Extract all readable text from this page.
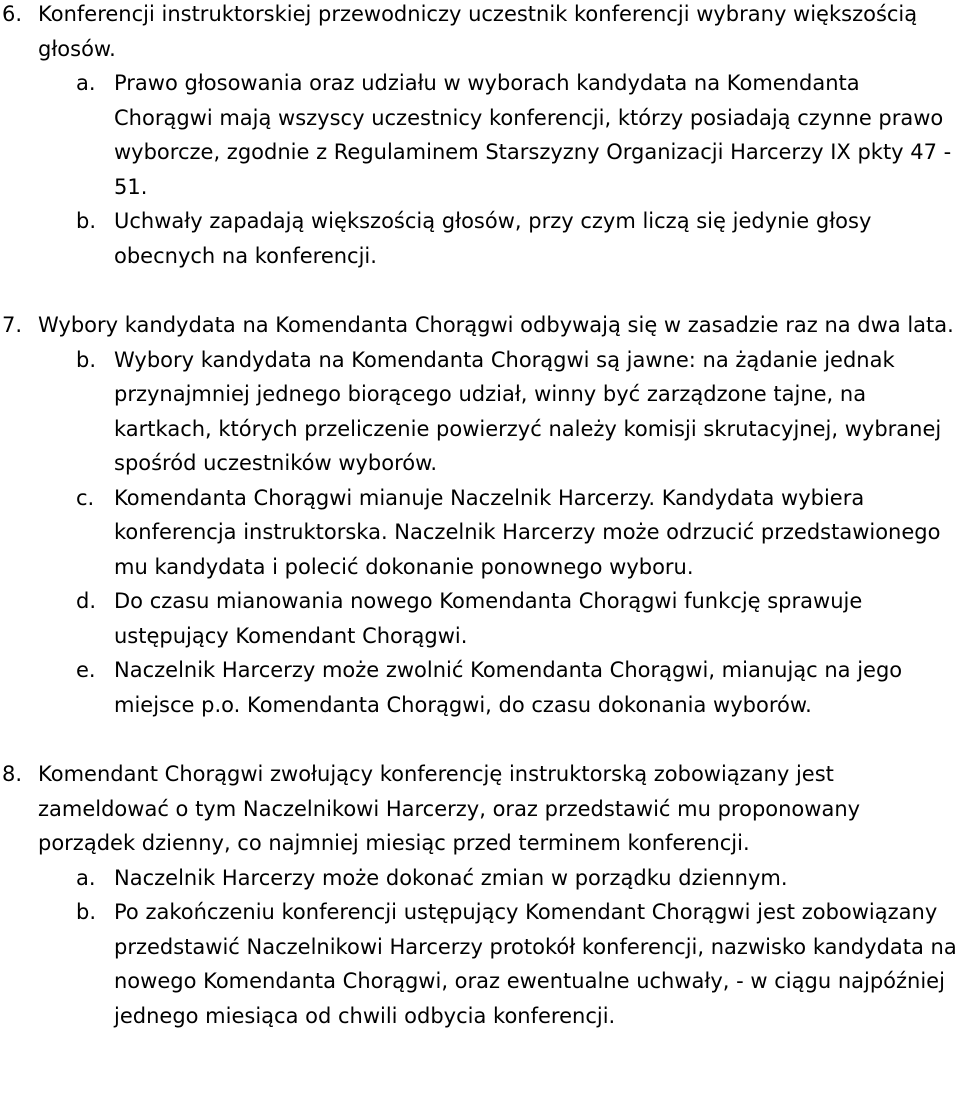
6. Konferencji instruktorskiej przewodniczy uczestnik konferencji wybrany większością głosów.
a. Prawo głosowania oraz udziału w wyborach kandydata na Komendanta Chorągwi mają wszyscy uczestnicy konferencji, którzy posiadają czynne prawo wyborcze, zgodnie z Regulaminem Starszyzny Organizacji Harcerzy IX pkty 47 - 51.
b. Uchwały zapadają większością głosów, przy czym liczą się jedynie głosy obecnych na konferencji.
7. Wybory kandydata na Komendanta Chorągwi odbywają się w zasadzie raz na dwa lata.
b. Wybory kandydata na Komendanta Chorągwi są jawne: na żądanie jednak przynajmniej jednego biorącego udział, winny być zarządzone tajne, na kartkach, których przeliczenie powierzyć należy komisji skrutacyjnej, wybranej spośród uczestników wyborów.
c. Komendanta Chorągwi mianuje Naczelnik Harcerzy. Kandydata wybiera konferencja instruktorska. Naczelnik Harcerzy może odrzucić przedstawionego mu kandydata i polecić dokonanie ponownego wyboru.
d. Do czasu mianowania nowego Komendanta Chorągwi funkcję sprawuje ustępujący Komendant Chorągwi.
e. Naczelnik Harcerzy może zwolnić Komendanta Chorągwi, mianując na jego miejsce p.o. Komendanta Chorągwi, do czasu dokonania wyborów.
8. Komendant Chorągwi zwołujący konferencję instruktorską zobowiązany jest zameldować o tym Naczelnikowi Harcerzy, oraz przedstawić mu proponowany porządek dzienny, co najmniej miesiąc przed terminem konferencji.
a. Naczelnik Harcerzy może dokonać zmian w porządku dziennym.
b. Po zakończeniu konferencji ustępujący Komendant Chorągwi jest zobowiązany przedstawić Naczelnikowi Harcerzy protokół konferencji, nazwisko kandydata na nowego Komendanta Chorągwi, oraz ewentualne uchwały, - w ciągu najpóźniej jednego miesiąca od chwili odbycia konferencji.
